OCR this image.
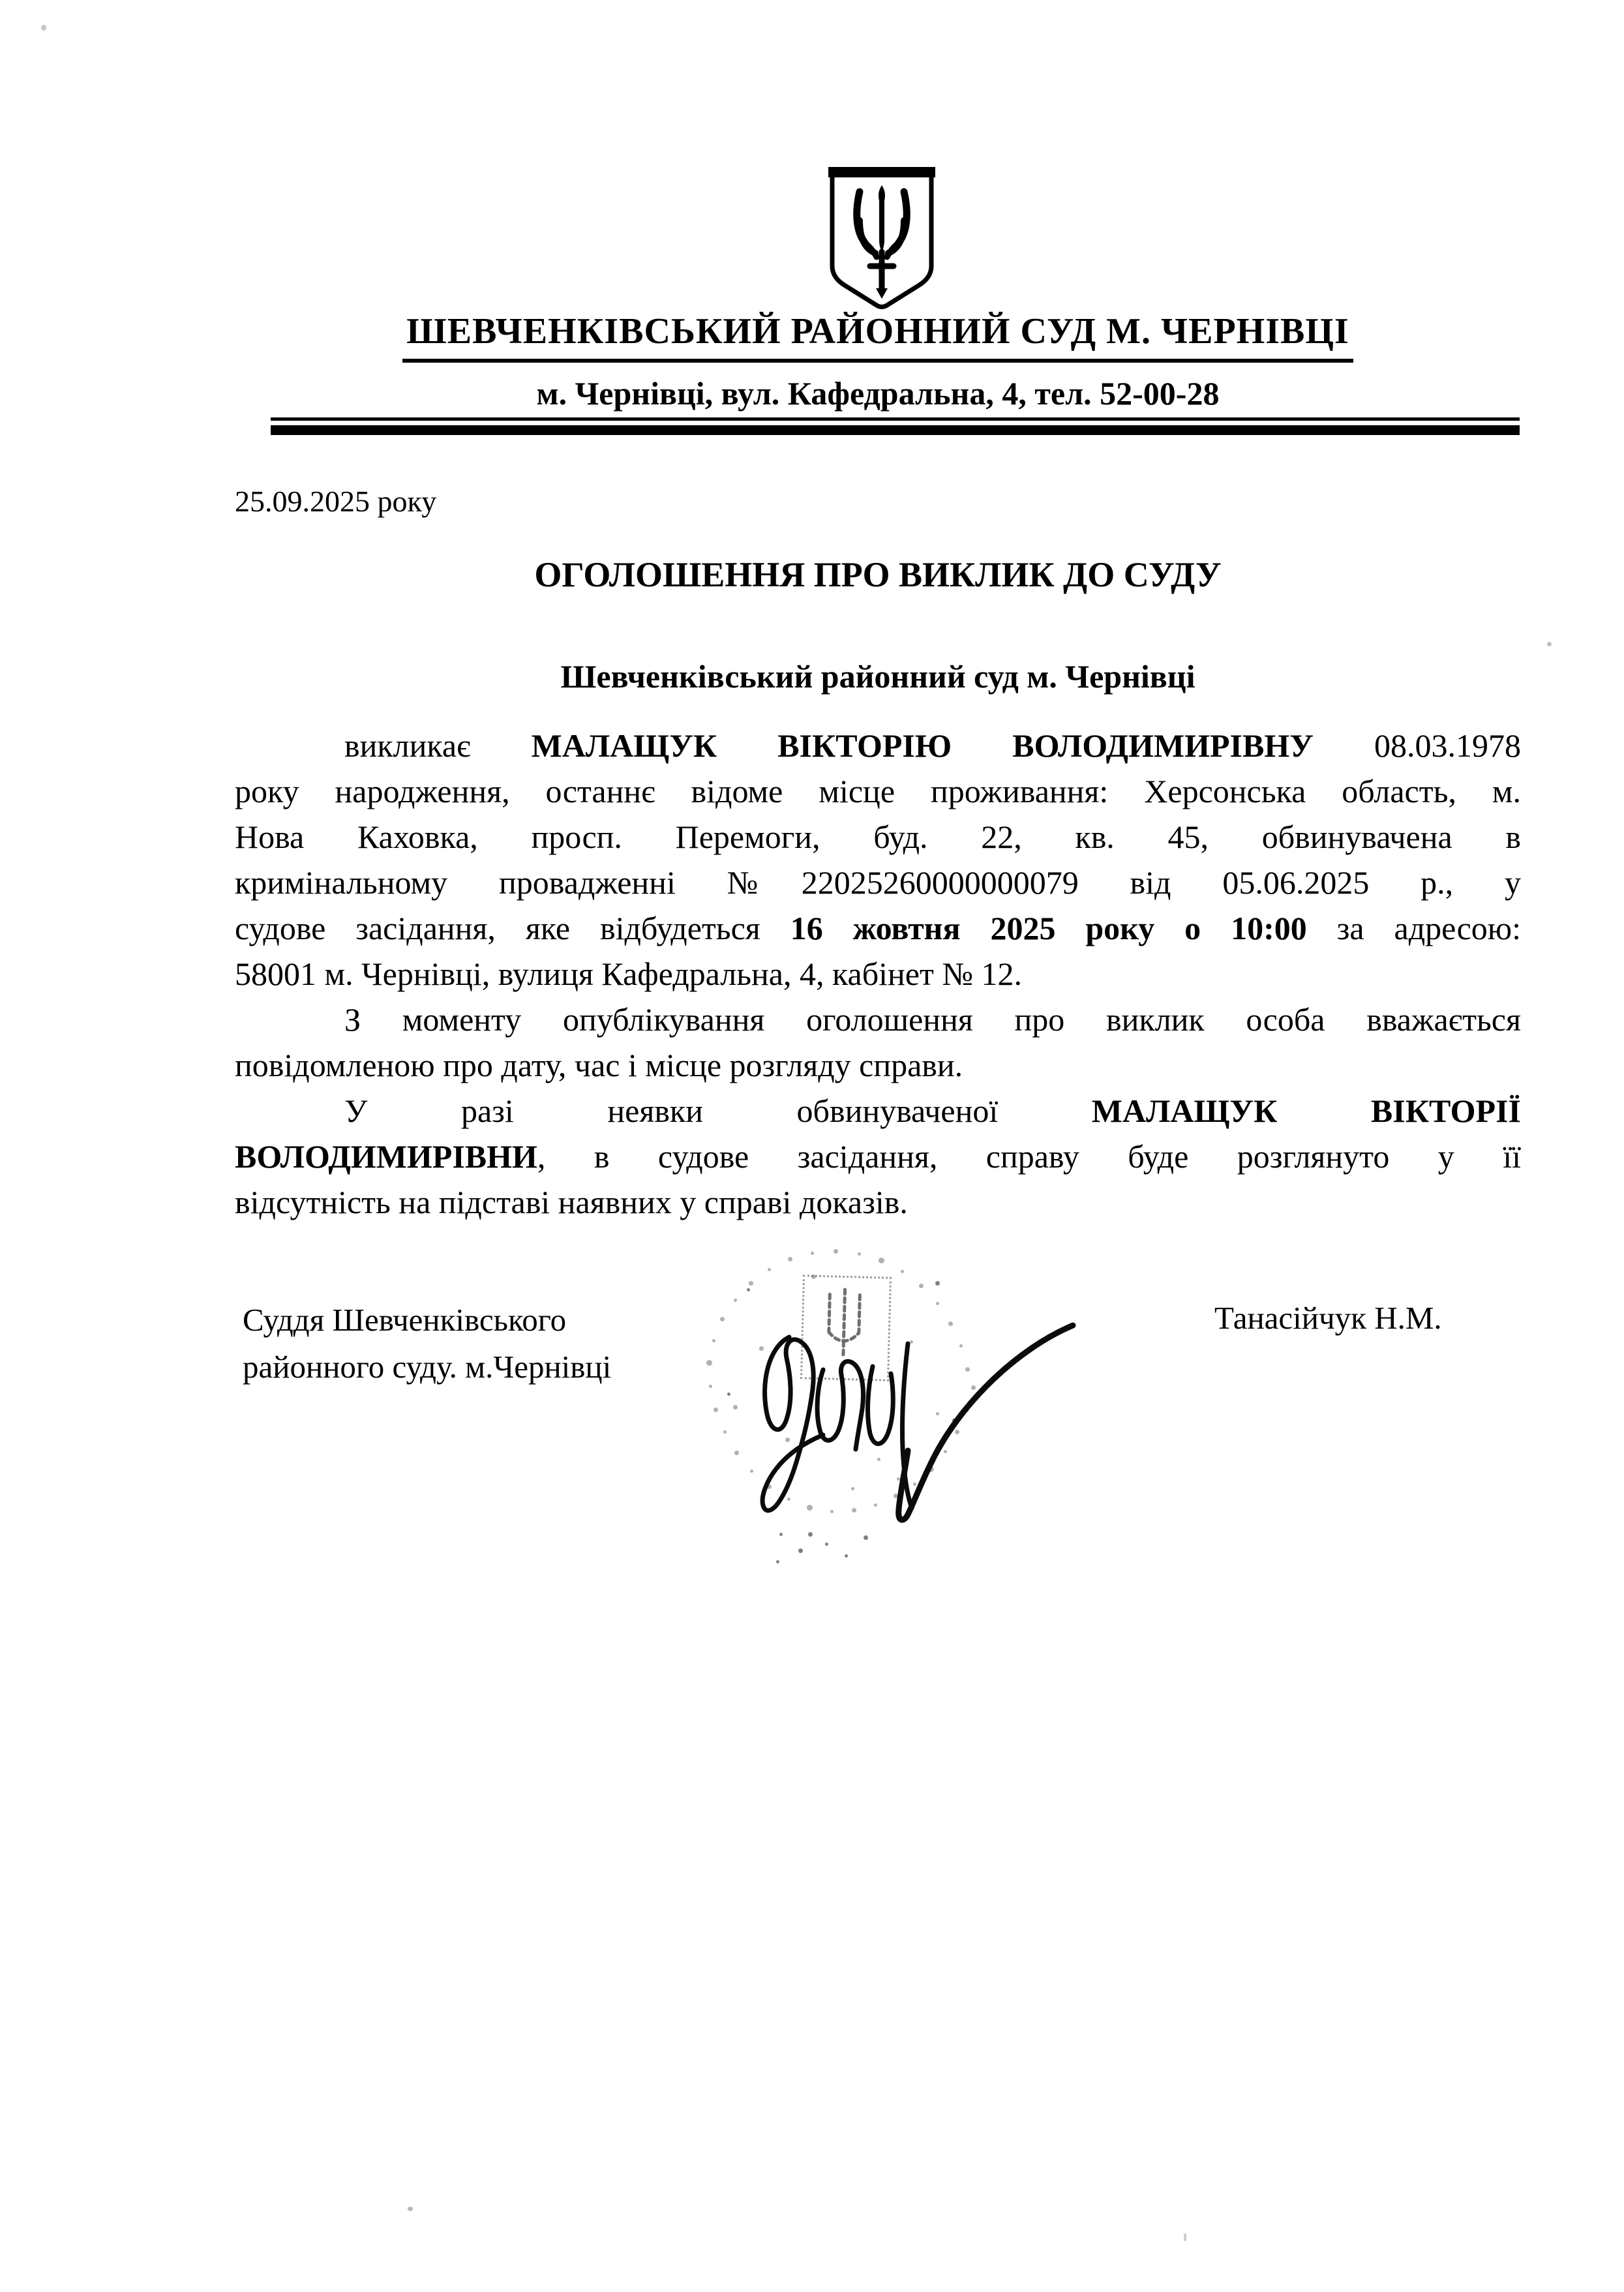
ШЕВЧЕНКІВСЬКИЙ РАЙОННИЙ СУД М. ЧЕРНІВЦІ
м. Чернівці, вул. Кафедральна, 4, тел. 52-00-28
25.09.2025 року
ОГОЛОШЕННЯ ПРО ВИКЛИК ДО СУДУ
Шевченківський районний суд м. Чернівці
викликає МАЛАЩУК ВІКТОРІЮ ВОЛОДИМИРІВНУ 08.03.1978
року народження, останнє відоме місце проживання: Херсонська область, м.
Нова Каховка, просп. Перемоги, буд. 22, кв. 45, обвинувачена в
кримінальному провадженні №22025260000000079 від 05.06.2025 р., у
судове засідання, яке відбудеться 16 жовтня 2025 року о 10:00 за адресою:
58001 м. Чернівці, вулиця Кафедральна, 4, кабінет № 12.
З моменту опублікування оголошення про виклик особа вважається
повідомленою про дату, час і місце розгляду справи.
У разі неявки обвинуваченої МАЛАЩУК ВІКТОРІЇ
ВОЛОДИМИРІВНИ, в судове засідання, справу буде розглянуто у її
відсутність на підставі наявних у справі доказів.
Суддя Шевченківського
районного суду. м.Чернівці
Танасійчук Н.М.
